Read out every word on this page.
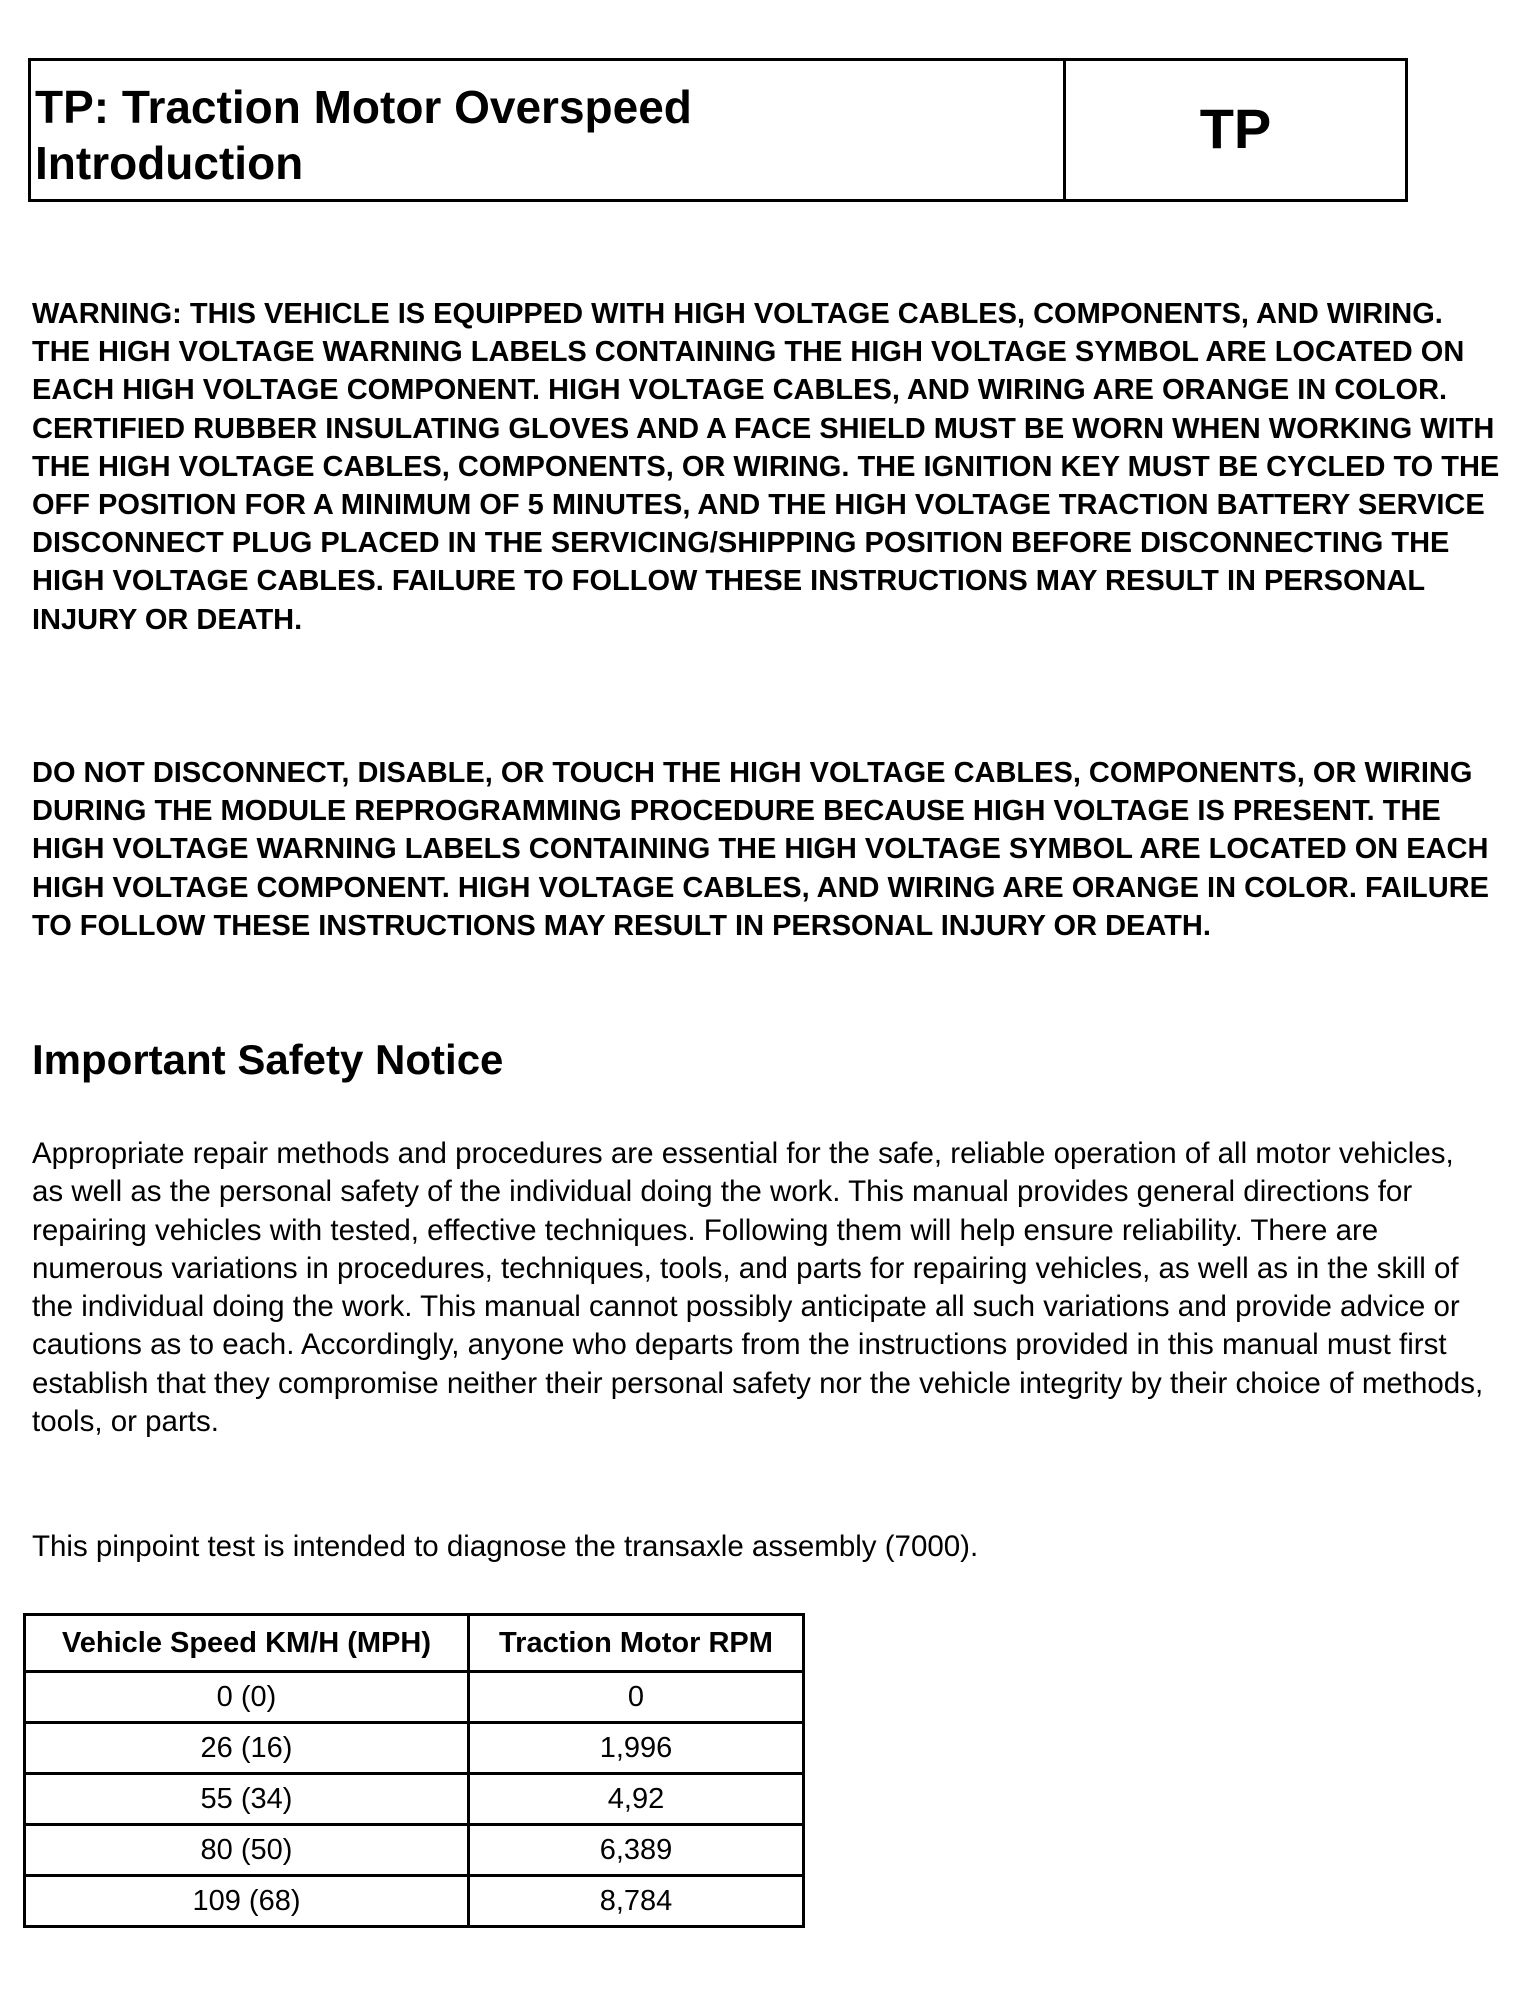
TP: Traction Motor Overspeed
Introduction
TP

WARNING: THIS VEHICLE IS EQUIPPED WITH HIGH VOLTAGE CABLES, COMPONENTS, AND WIRING. THE HIGH VOLTAGE WARNING LABELS CONTAINING THE HIGH VOLTAGE SYMBOL ARE LOCATED ON EACH HIGH VOLTAGE COMPONENT. HIGH VOLTAGE CABLES, AND WIRING ARE ORANGE IN COLOR. CERTIFIED RUBBER INSULATING GLOVES AND A FACE SHIELD MUST BE WORN WHEN WORKING WITH THE HIGH VOLTAGE CABLES, COMPONENTS, OR WIRING. THE IGNITION KEY MUST BE CYCLED TO THE OFF POSITION FOR A MINIMUM OF 5 MINUTES, AND THE HIGH VOLTAGE TRACTION BATTERY SERVICE DISCONNECT PLUG PLACED IN THE SERVICING/SHIPPING POSITION BEFORE DISCONNECTING THE HIGH VOLTAGE CABLES. FAILURE TO FOLLOW THESE INSTRUCTIONS MAY RESULT IN PERSONAL INJURY OR DEATH.

DO NOT DISCONNECT, DISABLE, OR TOUCH THE HIGH VOLTAGE CABLES, COMPONENTS, OR WIRING DURING THE MODULE REPROGRAMMING PROCEDURE BECAUSE HIGH VOLTAGE IS PRESENT. THE HIGH VOLTAGE WARNING LABELS CONTAINING THE HIGH VOLTAGE SYMBOL ARE LOCATED ON EACH HIGH VOLTAGE COMPONENT. HIGH VOLTAGE CABLES, AND WIRING ARE ORANGE IN COLOR. FAILURE TO FOLLOW THESE INSTRUCTIONS MAY RESULT IN PERSONAL INJURY OR DEATH.

Important Safety Notice

Appropriate repair methods and procedures are essential for the safe, reliable operation of all motor vehicles, as well as the personal safety of the individual doing the work. This manual provides general directions for repairing vehicles with tested, effective techniques. Following them will help ensure reliability. There are numerous variations in procedures, techniques, tools, and parts for repairing vehicles, as well as in the skill of the individual doing the work. This manual cannot possibly anticipate all such variations and provide advice or cautions as to each. Accordingly, anyone who departs from the instructions provided in this manual must first establish that they compromise neither their personal safety nor the vehicle integrity by their choice of methods, tools, or parts.

This pinpoint test is intended to diagnose the transaxle assembly (7000).

Vehicle Speed KM/H (MPH)	Traction Motor RPM
0 (0)	0
26 (16)	1,996
55 (34)	4,92
80 (50)	6,389
109 (68)	8,784
